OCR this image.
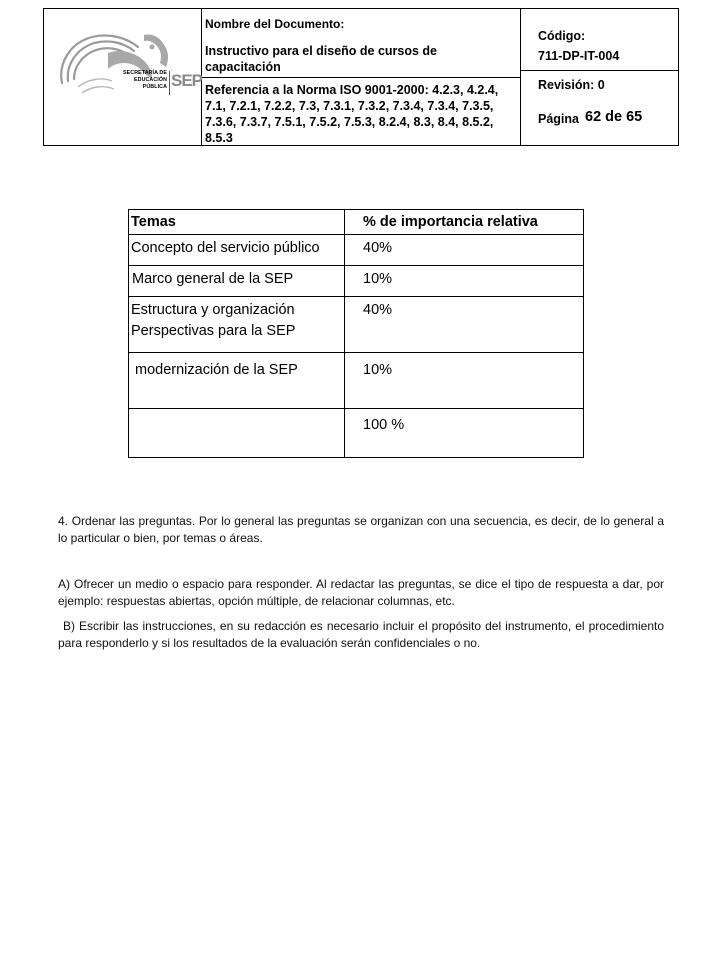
SECRETARÍA DE
EDUCACIÓN
PÚBLICA SEP
Nombre del Documento:
Instructivo para el diseño de cursos de capacitación
Referencia a la Norma ISO 9001-2000: 4.2.3, 4.2.4, 7.1, 7.2.1, 7.2.2, 7.3, 7.3.1, 7.3.2, 7.3.4, 7.3.4, 7.3.5, 7.3.6, 7.3.7, 7.5.1, 7.5.2, 7.5.3, 8.2.4, 8.3, 8.4, 8.5.2, 8.5.3
Código:
711-DP-IT-004
Revisión: 0
Página 62 de 65
Temas	% de importancia relativa

Concepto del servicio público	40%

Marco general de la SEP	10%

Estructura y organización
Perspectivas para la SEP	40%

modernización de la SEP	10%

	100 %
4. Ordenar las preguntas. Por lo general las preguntas se organizan con una secuencia, es decir, de lo general a lo particular o bien, por temas o áreas.
A) Ofrecer un medio o espacio para responder. Al redactar las preguntas, se dice el tipo de respuesta a dar, por ejemplo: respuestas abiertas, opción múltiple, de relacionar columnas, etc.
B) Escribir las instrucciones, en su redacción es necesario incluir el propósito del instrumento, el procedimiento para responderlo y si los resultados de la evaluación serán confidenciales o no.
